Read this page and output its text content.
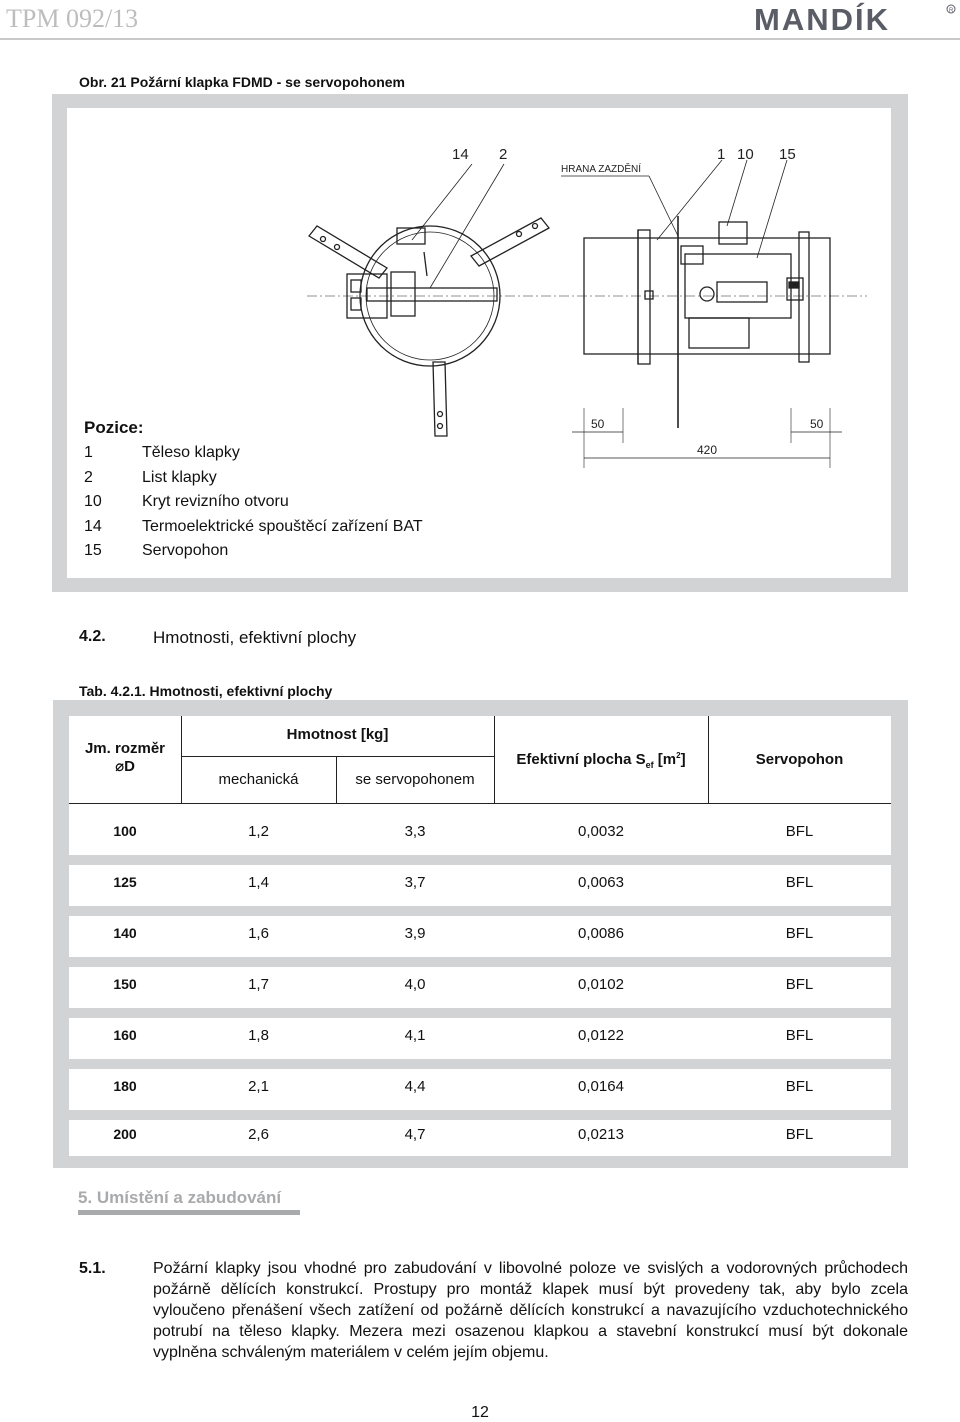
TPM 092/13	MANDÍK	R
Obr. 21 Požární klapka FDMD - se servopohonem
14 2	1 10 15
HRANA ZAZDĚNÍ
50	50
420
Pozice:
1	Těleso klapky
2	List klapky
10	Kryt revizního otvoru
14	Termoelektrické spouštěcí zařízení BAT
15	Servopohon
4.2.	Hmotnosti, efektivní plochy
Tab. 4.2.1. Hmotnosti, efektivní plochy
Jm. rozměr
⌀D
Hmotnost [kg]
mechanická	se servopohonem
Efektivní plocha $S_{ef}$ $[m^2]$	Servopohon
100	1,2	3,3	0,0032	BFL
125	1,4	3,7	0,0063	BFL
140	1,6	3,9	0,0086	BFL
150	1,7	4,0	0,0102	BFL
160	1,8	4,1	0,0122	BFL
180	2,1	4,4	0,0164	BFL
200	2,6	4,7	0,0213	BFL
5. Umístění a zabudování
5.1.	Požární klapky jsou vhodné pro zabudování v libovolné poloze ve svislých a vodorovných průchodech požárně dělících konstrukcí. Prostupy pro montáž klapek musí být provedeny tak, aby bylo zcela vyloučeno přenášení všech zatížení od požárně dělících konstrukcí a navazujícího vzduchotechnického potrubí na těleso klapky. Mezera mezi osazenou klapkou a stavební konstrukcí musí být dokonale vyplněna schváleným materiálem v celém jejím objemu.
12
